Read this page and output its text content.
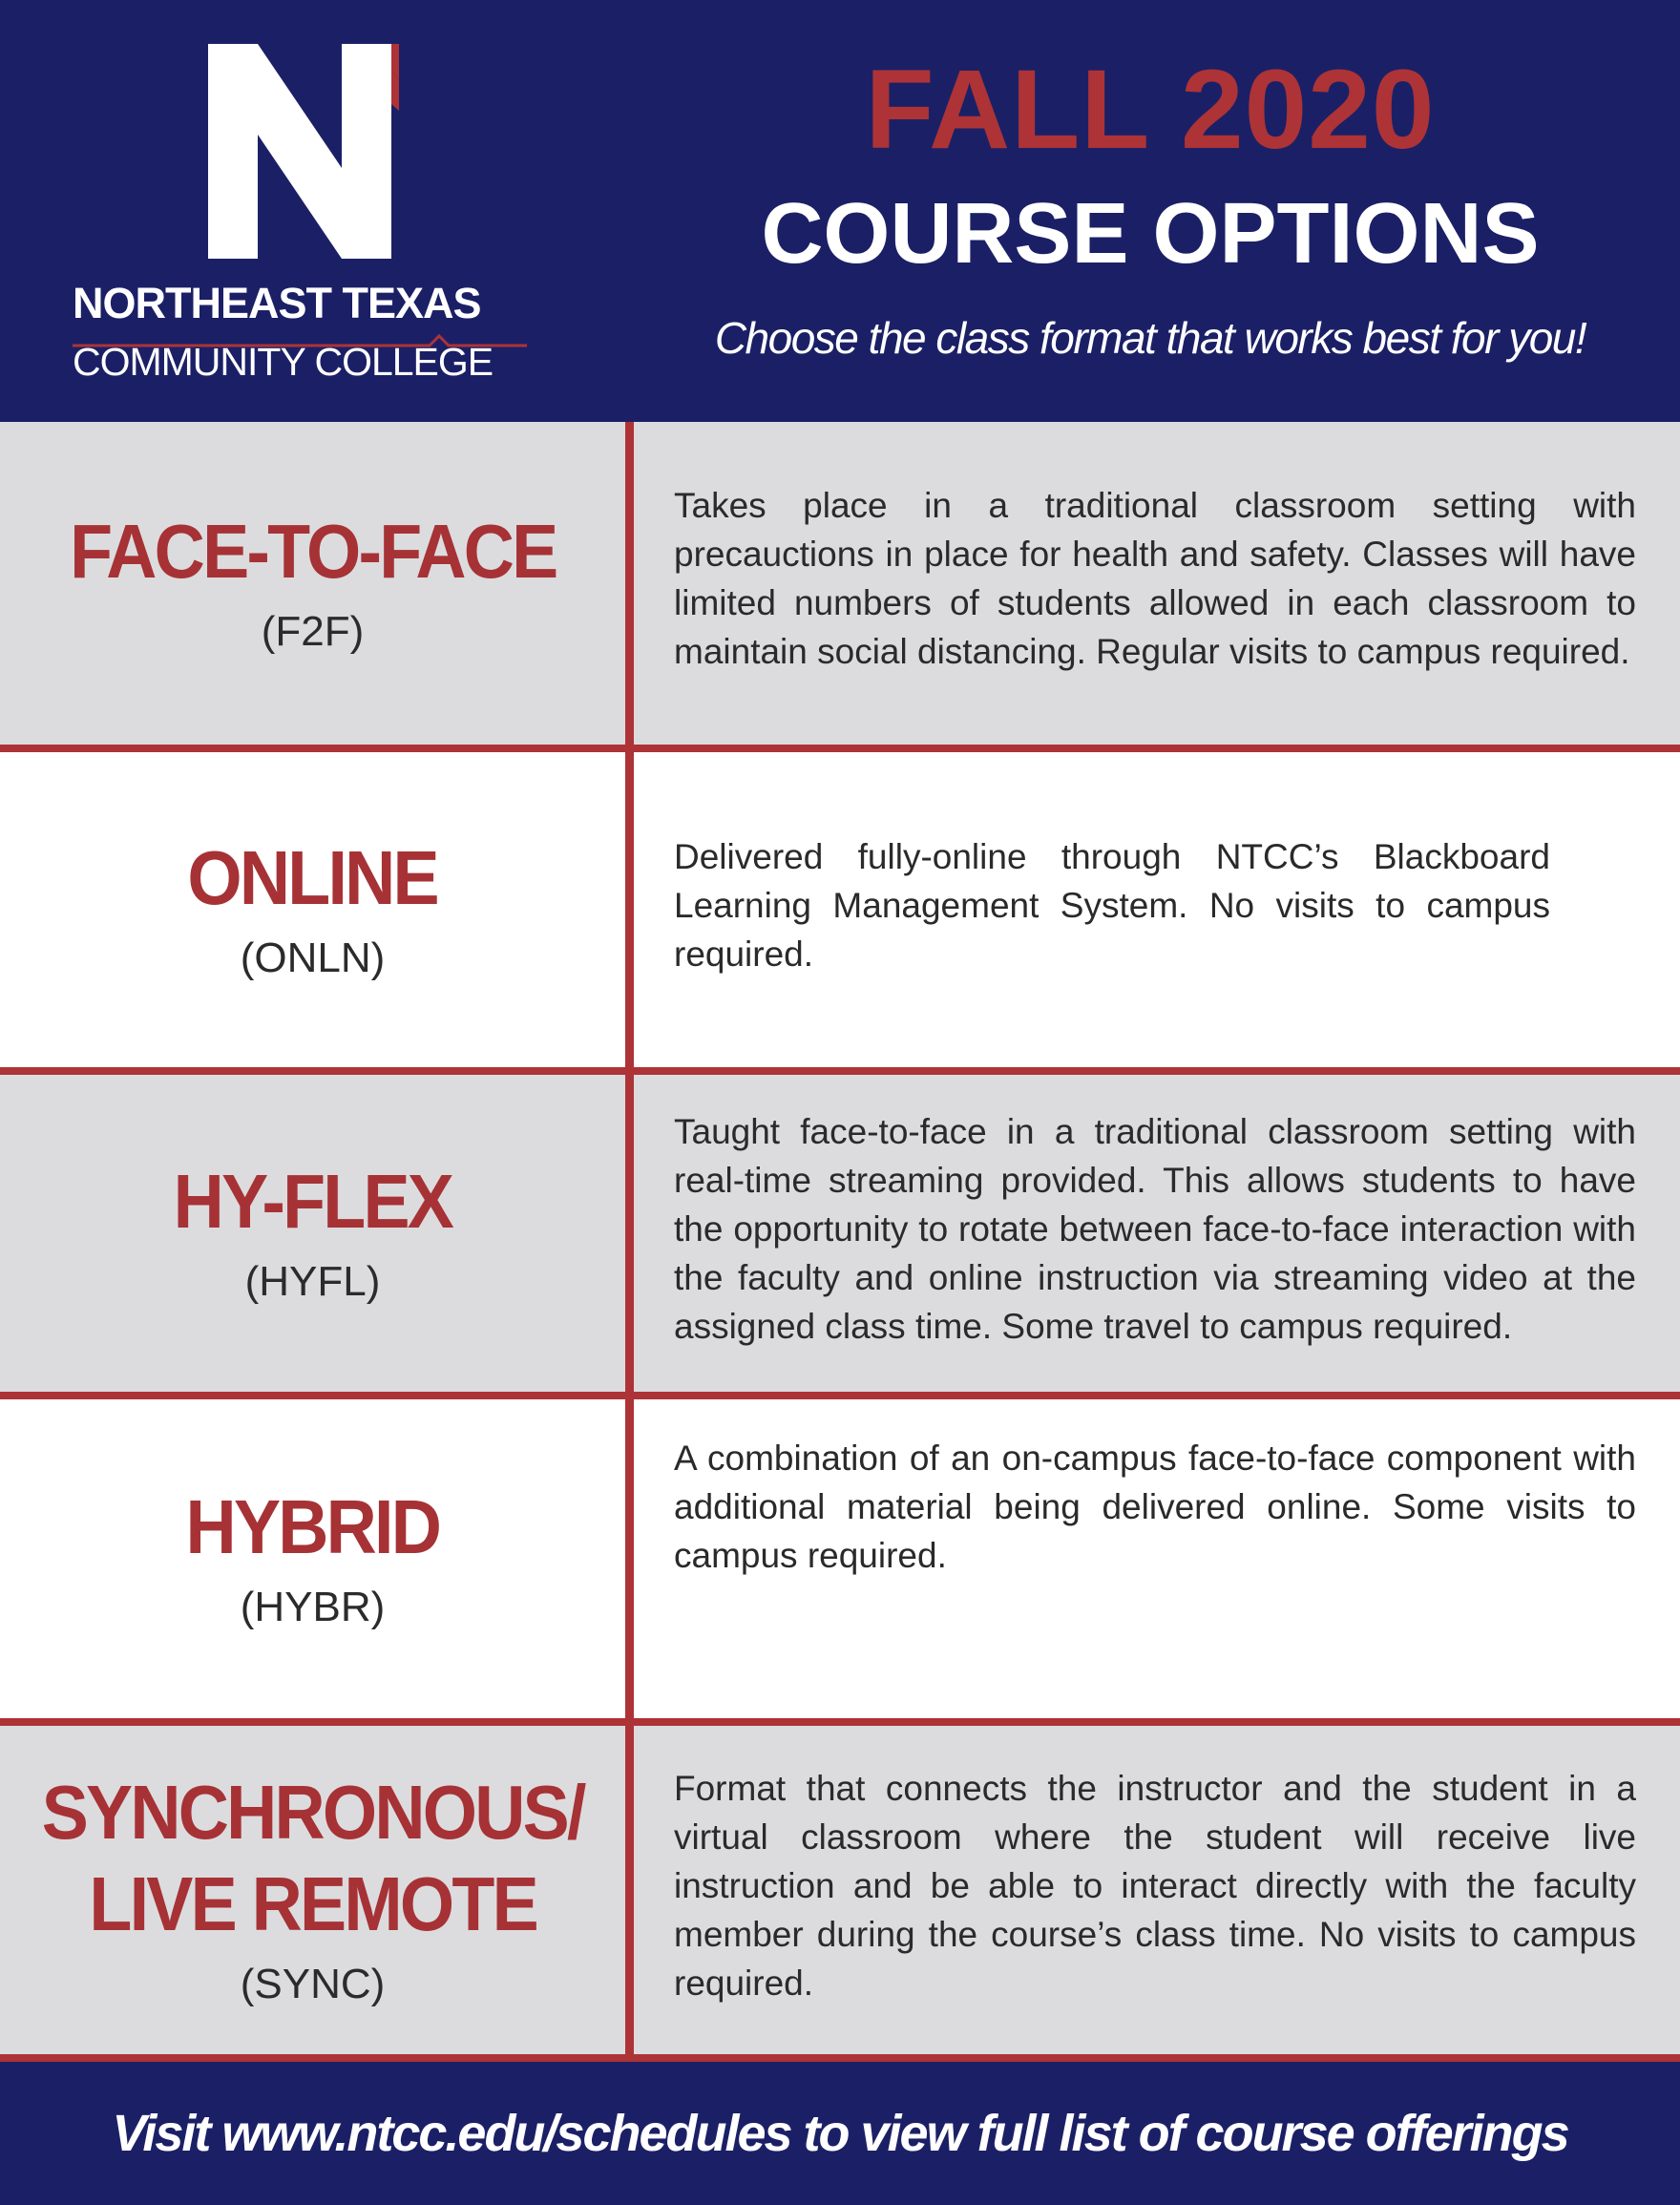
NORTHEAST TEXAS
COMMUNITY COLLEGE
FALL 2020
COURSE OPTIONS
Choose the class format that works best for you!
FACE-TO-FACE
(F2F)
Takes place in a traditional classroom setting with precauctions in place for health and safety. Classes will have limited numbers of students allowed in each classroom to maintain social distancing. Regular visits to campus required.
ONLINE
(ONLN)
Delivered fully-online through NTCC’s Blackboard Learning Management System. No visits to campus required.
HY-FLEX
(HYFL)
Taught face-to-face in a traditional classroom setting with real-time streaming provided. This allows students to have the opportunity to rotate between face-to-face interaction with the faculty and online instruction via streaming video at the assigned class time. Some travel to campus required.
HYBRID
(HYBR)
A combination of an on-campus face-to-face component with additional material being delivered online. Some visits to campus required.
SYNCHRONOUS/
LIVE REMOTE
(SYNC)
Format that connects the instructor and the student in a virtual classroom where the student will receive live instruction and be able to interact directly with the faculty member during the course’s class time. No visits to campus required.
Visit www.ntcc.edu/schedules to view full list of course offerings
